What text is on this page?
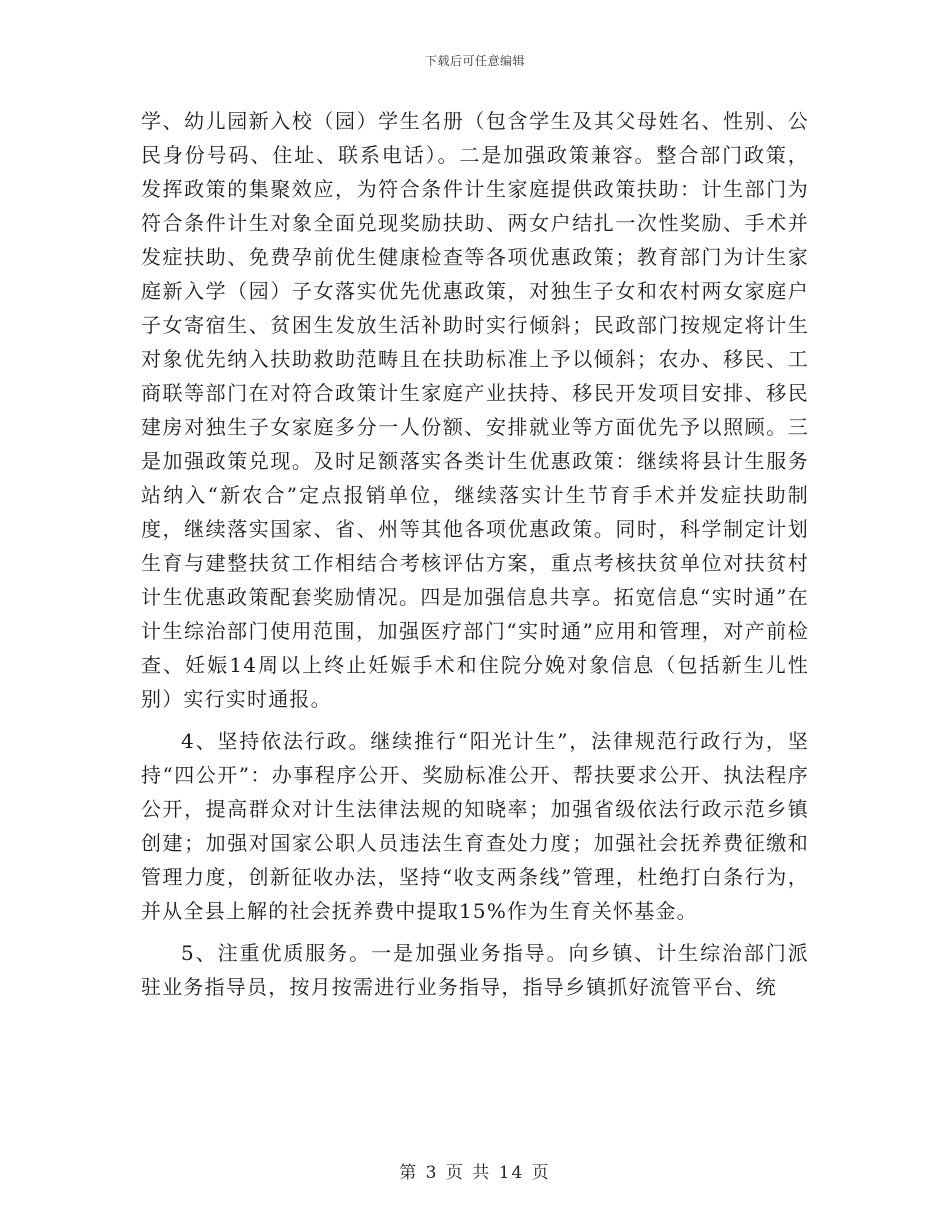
下载后可任意编辑

学、幼儿园新入校（园）学生名册（包含学生及其父母姓名、性别、公民身份号码、住址、联系电话）。二是加强政策兼容。整合部门政策，发挥政策的集聚效应，为符合条件计生家庭提供政策扶助：计生部门为符合条件计生对象全面兑现奖励扶助、两女户结扎一次性奖励、手术并发症扶助、免费孕前优生健康检查等各项优惠政策；教育部门为计生家庭新入学（园）子女落实优先优惠政策，对独生子女和农村两女家庭户子女寄宿生、贫困生发放生活补助时实行倾斜；民政部门按规定将计生对象优先纳入扶助救助范畴且在扶助标准上予以倾斜；农办、移民、工商联等部门在对符合政策计生家庭产业扶持、移民开发项目安排、移民建房对独生子女家庭多分一人份额、安排就业等方面优先予以照顾。三是加强政策兑现。及时足额落实各类计生优惠政策：继续将县计生服务站纳入“新农合”定点报销单位，继续落实计生节育手术并发症扶助制度，继续落实国家、省、州等其他各项优惠政策。同时，科学制定计划生育与建整扶贫工作相结合考核评估方案，重点考核扶贫单位对扶贫村计生优惠政策配套奖励情况。四是加强信息共享。拓宽信息“实时通”在计生综治部门使用范围，加强医疗部门“实时通”应用和管理，对产前检查、妊娠14周以上终止妊娠手术和住院分娩对象信息（包括新生儿性别）实行实时通报。

4、坚持依法行政。继续推行“阳光计生”，法律规范行政行为，坚持“四公开”：办事程序公开、奖励标准公开、帮扶要求公开、执法程序公开，提高群众对计生法律法规的知晓率；加强省级依法行政示范乡镇创建；加强对国家公职人员违法生育查处力度；加强社会抚养费征缴和管理力度，创新征收办法，坚持“收支两条线”管理，杜绝打白条行为，并从全县上解的社会抚养费中提取15%作为生育关怀基金。

5、注重优质服务。一是加强业务指导。向乡镇、计生综治部门派驻业务指导员，按月按需进行业务指导，指导乡镇抓好流管平台、统

第 3 页 共 14 页
